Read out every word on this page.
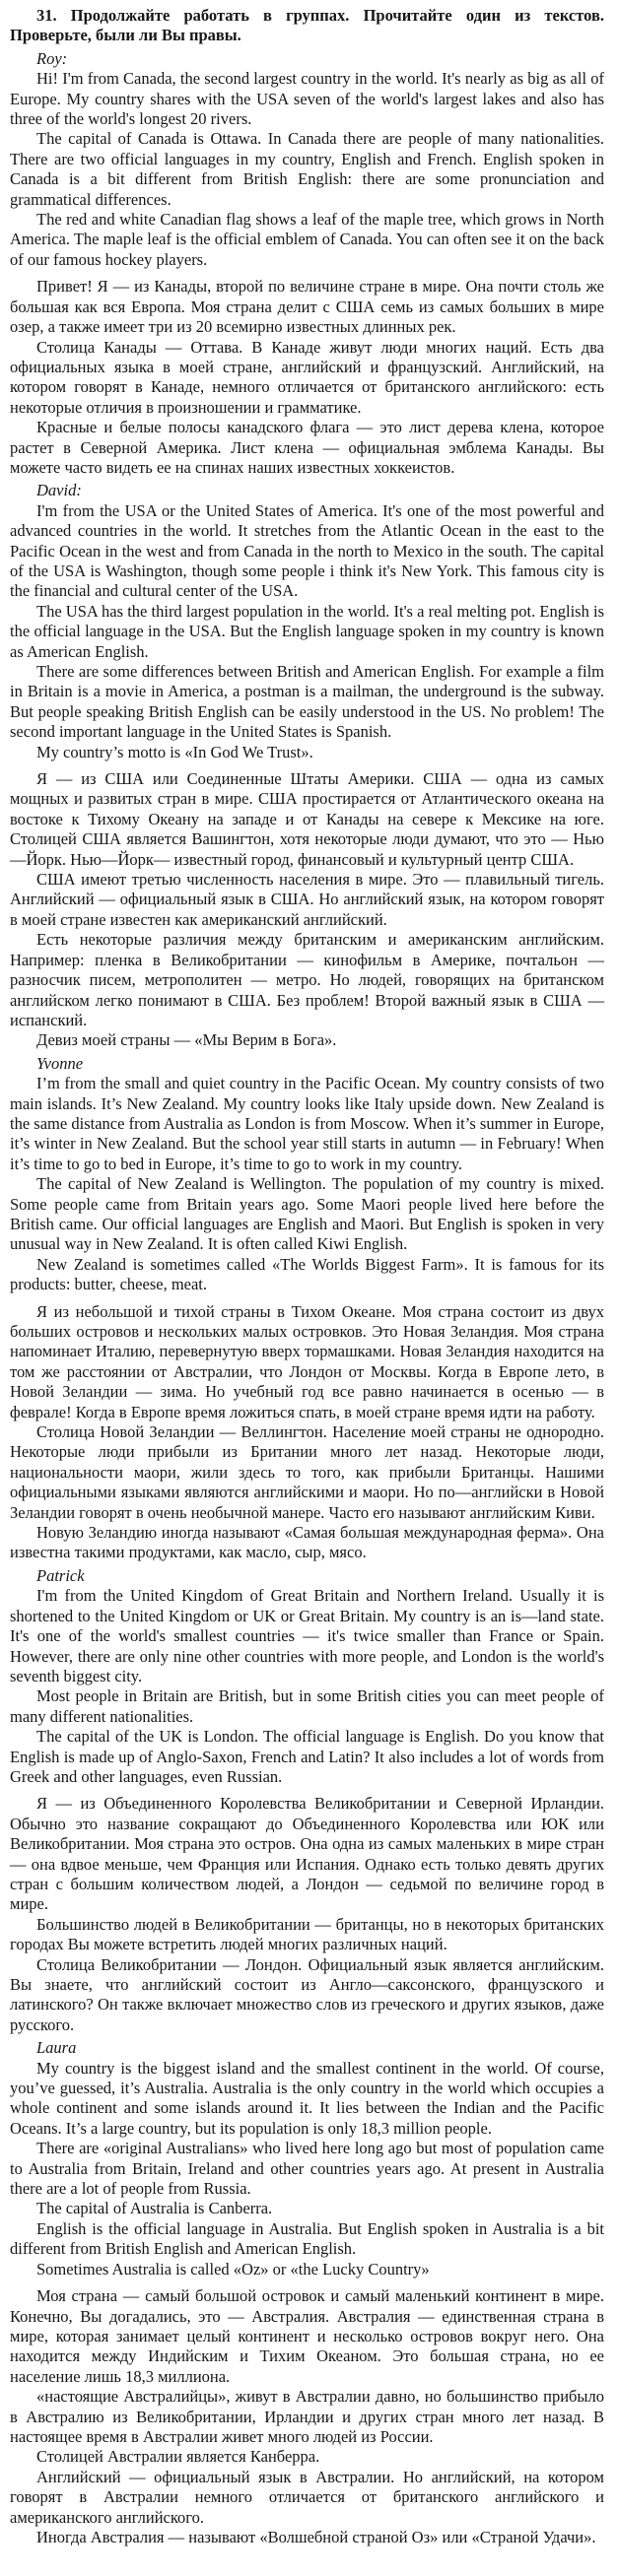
31. Продолжайте работать в группах. Прочитайте один из текстов. Проверьте, были ли Вы правы.

Roy:

Hi! I'm from Canada, the second largest country in the world. It's nearly as big as all of Europe. My country shares with the USA seven of the world's largest lakes and also has three of the world's longest 20 rivers.

The capital of Canada is Ottawa. In Canada there are people of many nationalities. There are two official languages in my country, English and French. English spoken in Canada is a bit different from British English: there are some pronunciation and grammatical differences.

The red and white Canadian flag shows a leaf of the maple tree, which grows in North America. The maple leaf is the official emblem of Canada. You can often see it on the back of our famous hockey players.

Привет! Я — из Канады, второй по величине стране в мире. Она почти столь же большая как вся Европа. Моя страна делит с США семь из самых больших в мире озер, а также имеет три из 20 всемирно известных длинных рек.

Столица Канады — Оттава. В Канаде живут люди многих наций. Есть два официальных языка в моей стране, английский и французский. Английский, на котором говорят в Канаде, немного отличается от британского английского: есть некоторые отличия в произношении и грамматике.

Красные и белые полосы канадского флага — это лист дерева клена, которое растет в Северной Америка. Лист клена — официальная эмблема Канады. Вы можете часто видеть ее на спинах наших известных хоккеистов.

David:

I'm from the USA or the United States of America. It's one of the most powerful and advanced countries in the world. It stretches from the Atlantic Ocean in the east to the Pacific Ocean in the west and from Canada in the north to Mexico in the south. The capital of the USA is Washington, though some people i think it's New York. This famous city is the financial and cultural center of the USA.

The USA has the third largest population in the world. It's a real melting pot. English is the official language in the USA. But the English language spoken in my country is known as American English.

There are some differences between British and American English. For example a film in Britain is a movie in America, a postman is a mailman, the underground is the subway. But people speaking British English can be easily understood in the US. No problem! The second important language in the United States is Spanish.

My country’s motto is «In God We Trust».

Я — из США или Соединенные Штаты Америки. США — одна из самых мощных и развитых стран в мире. США простирается от Атлантического океана на востоке к Тихому Океану на западе и от Канады на севере к Мексике на юге. Столицей США является Вашингтон, хотя некоторые люди думают, что это — Нью—Йорк. Нью—Йорк— известный город, финансовый и культурный центр США.

США имеют третью численность населения в мире. Это — плавильный тигель. Английский — официальный язык в США. Но английский язык, на котором говорят в моей стране известен как американский английский.

Есть некоторые различия между британским и американским английским. Например: пленка в Великобритании — кинофильм в Америке, почтальон — разносчик писем, метрополитен — метро. Но людей, говорящих на британском английском легко понимают в США. Без проблем! Второй важный язык в США — испанский.

Девиз моей страны — «Мы Верим в Бога».

Yvonne

I’m from the small and quiet country in the Pacific Ocean. My country consists of two main islands. It’s New Zealand. My country looks like Italy upside down. New Zealand is the same distance from Australia as London is from Moscow. When it’s summer in Europe, it’s winter in New Zealand. But the school year still starts in autumn — in February! When it’s time to go to bed in Europe, it’s time to go to work in my country.

The capital of New Zealand is Wellington. The population of my country is mixed. Some people came from Britain years ago. Some Maori people lived here before the British came. Our official languages are English and Maori. But English is spoken in very unusual way in New Zealand. It is often called Kiwi English.

New Zealand is sometimes called «The Worlds Biggest Farm». It is famous for its products: butter, cheese, meat.

Я из небольшой и тихой страны в Тихом Океане. Моя страна состоит из двух больших островов и нескольких малых островков. Это Новая Зеландия. Моя страна напоминает Италию, перевернутую вверх тормашками. Новая Зеландия находится на том же расстоянии от Австралии, что Лондон от Москвы. Когда в Европе лето, в Новой Зеландии — зима. Но учебный год все равно начинается в осенью — в феврале! Когда в Европе время ложиться спать, в моей стране время идти на работу.

Столица Новой Зеландии — Веллингтон. Население моей страны не однородно. Некоторые люди прибыли из Британии много лет назад. Некоторые люди, национальности маори, жили здесь то того, как прибыли Британцы. Нашими официальными языками являются английскими и маори. Но по—английски в Новой Зеландии говорят в очень необычной манере. Часто его называют английским Киви.

Новую Зеландию иногда называют «Самая большая международная ферма». Она известна такими продуктами, как масло, сыр, мясо.

Patrick

I'm from the United Kingdom of Great Britain and Northern Ireland. Usually it is shortened to the United Kingdom or UK or Great Britain. My country is an is—land state. It's one of the world's smallest countries — it's twice smaller than France or Spain. However, there are only nine other countries with more people, and London is the world's seventh biggest city.

Most people in Britain are British, but in some British cities you can meet people of many different nationalities.

The capital of the UK is London. The official language is English. Do you know that English is made up of Anglo-Saxon, French and Latin? It also includes a lot of words from Greek and other languages, even Russian.

Я — из Объединенного Королевства Великобритании и Северной Ирландии. Обычно это название сокращают до Объединенного Королевства или ЮК или Великобритании. Моя страна это остров. Она одна из самых маленьких в мире стран — она вдвое меньше, чем Франция или Испания. Однако есть только девять других стран с большим количеством людей, а Лондон — седьмой по величине город в мире.

Большинство людей в Великобритании — британцы, но в некоторых британских городах Вы можете встретить людей многих различных наций.

Столица Великобритании — Лондон. Официальный язык является английским. Вы знаете, что английский состоит из Англо—саксонского, французского и латинского? Он также включает множество слов из греческого и других языков, даже русского.

Laura

My country is the biggest island and the smallest continent in the world. Of course, you’ve guessed, it’s Australia. Australia is the only country in the world which occupies a whole continent and some islands around it. It lies between the Indian and the Pacific Oceans. It’s a large country, but its population is only 18,3 million people.

There are «original Australians» who lived here long ago but most of population came to Australia from Britain, Ireland and other countries years ago. At present in Australia there are a lot of people from Russia.

The capital of Australia is Canberra.

English is the official language in Australia. But English spoken in Australia is a bit different from British English and American English.

Sometimes Australia is called «Oz» or «the Lucky Country»

Моя страна — самый большой островок и самый маленький континент в мире. Конечно, Вы догадались, это — Австралия. Австралия — единственная страна в мире, которая занимает целый континент и несколько островов вокруг него. Она находится между Индийским и Тихим Океаном. Это большая страна, но ее население лишь 18,3 миллиона.

«настоящие Австралийцы», живут в Австралии давно, но большинство прибыло в Австралию из Великобритании, Ирландии и других стран много лет назад. В настоящее время в Австралии живет много людей из России.

Столицей Австралии является Канберра.

Английский — официальный язык в Австралии. Но английский, на котором говорят в Австралии немного отличается от британского английского и американского английского.

Иногда Австралия — называют «Волшебной страной Оз» или «Страной Удачи».
